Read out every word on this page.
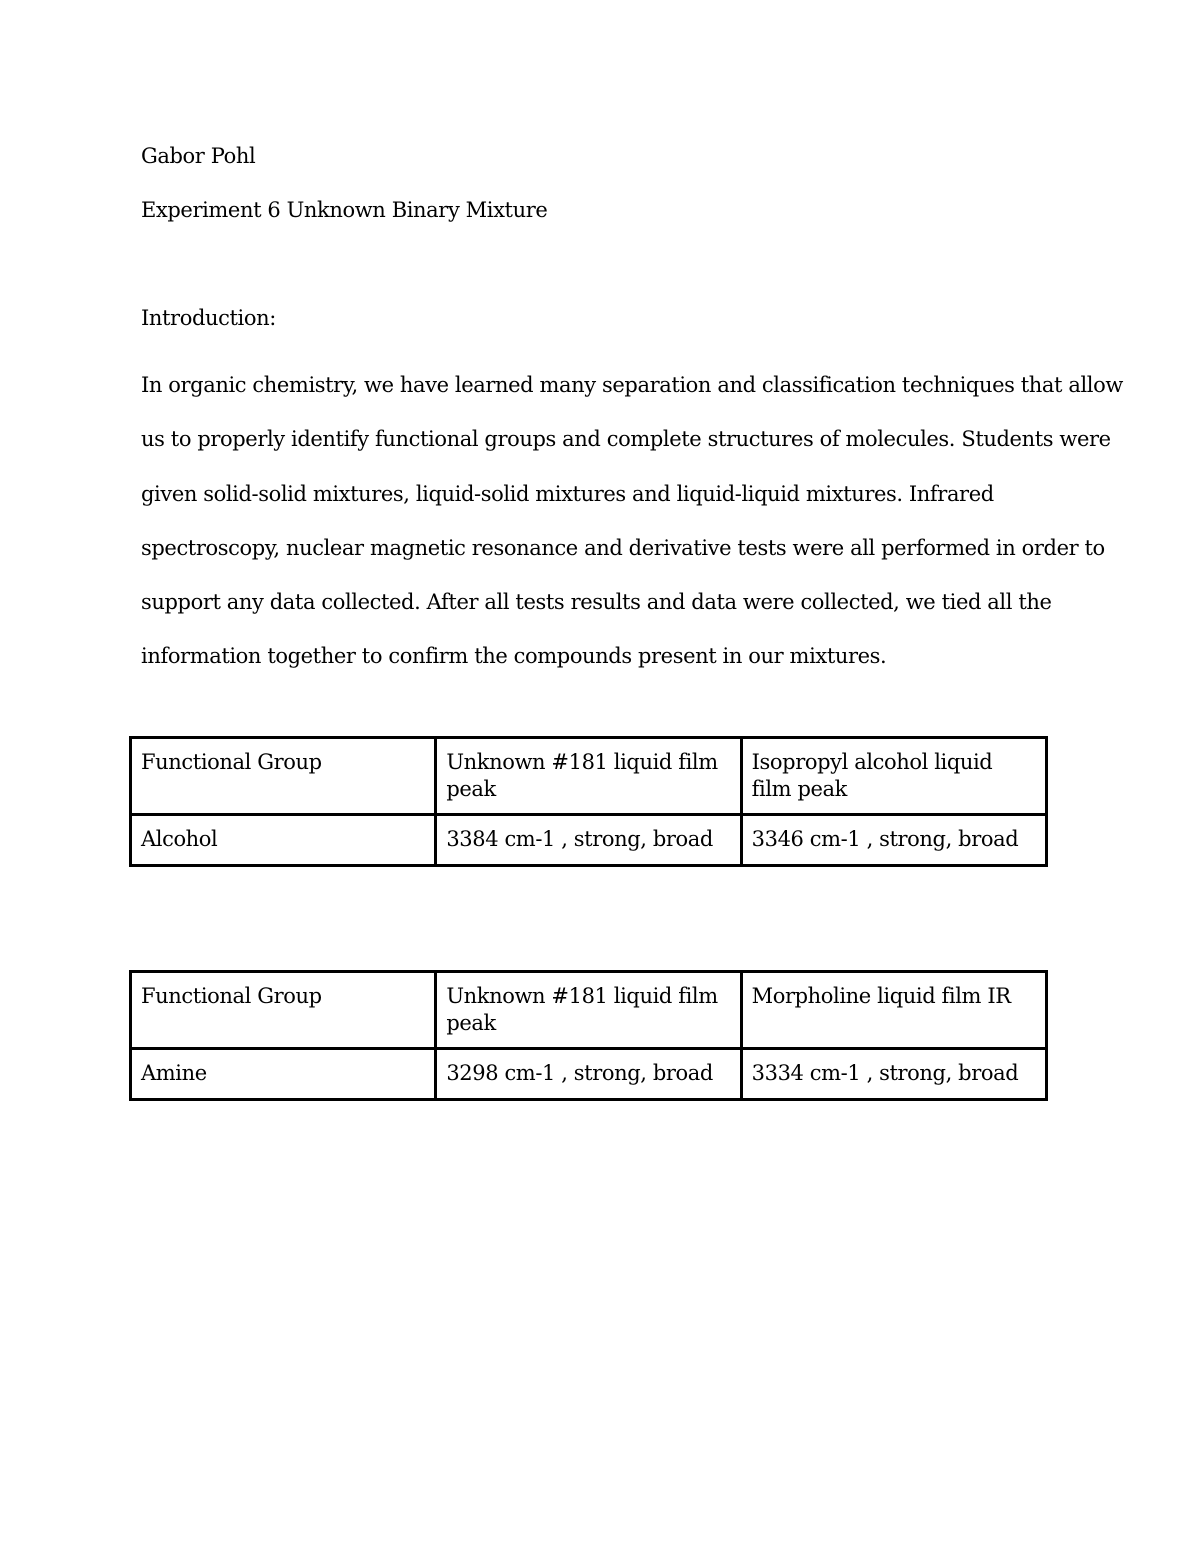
Gabor Pohl
Experiment 6 Unknown Binary Mixture
Introduction:
In organic chemistry, we have learned many separation and classification techniques that allow
us to properly identify functional groups and complete structures of molecules. Students were
given solid-solid mixtures, liquid-solid mixtures and liquid-liquid mixtures. Infrared
spectroscopy, nuclear magnetic resonance and derivative tests were all performed in order to
support any data collected. After all tests results and data were collected, we tied all the
information together to confirm the compounds present in our mixtures.
Functional Group	Unknown #181 liquid film peak	Isopropyl alcohol liquid film peak
Alcohol	3384 cm-1 , strong, broad	3346 cm-1 , strong, broad
Functional Group	Unknown #181 liquid film peak	Morpholine liquid film IR
Amine	3298 cm-1 , strong, broad	3334 cm-1 , strong, broad
